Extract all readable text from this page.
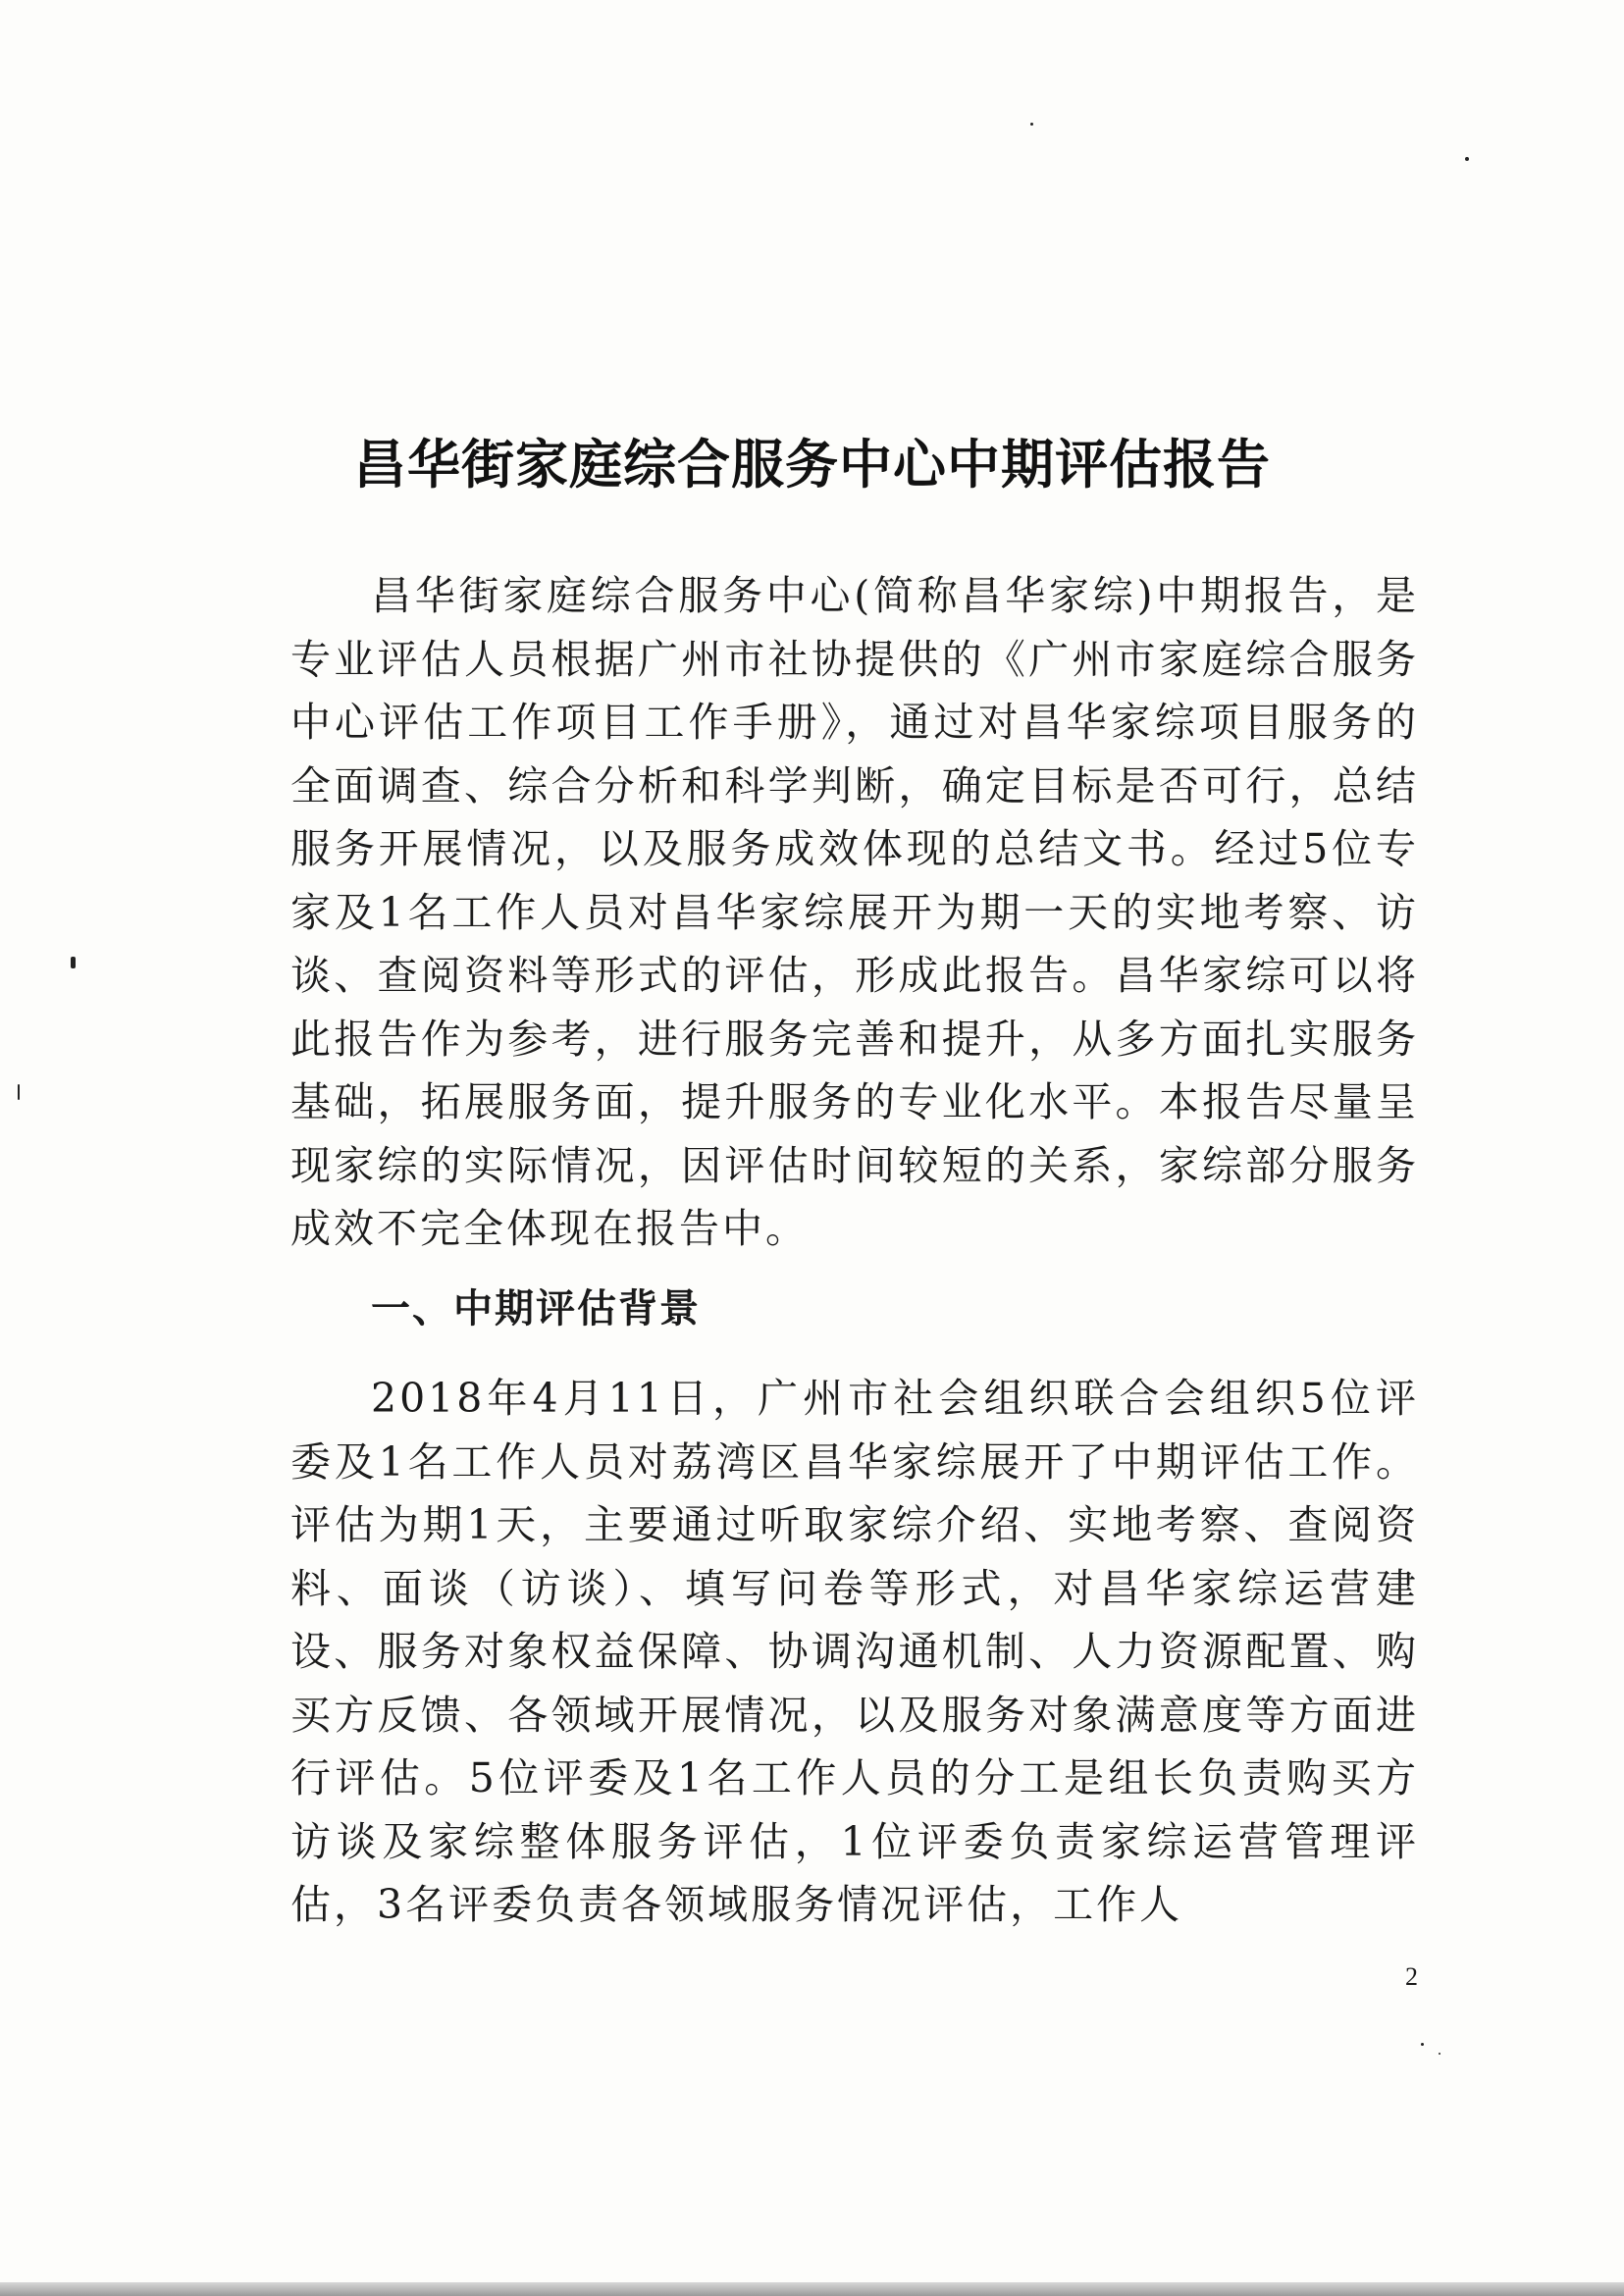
昌华街家庭综合服务中心中期评估报告

昌华街家庭综合服务中心(简称昌华家综)中期报告，是专业评估人员根据广州市社协提供的《广州市家庭综合服务中心评估工作项目工作手册》，通过对昌华家综项目服务的全面调查、综合分析和科学判断，确定目标是否可行，总结服务开展情况，以及服务成效体现的总结文书。经过5位专家及1名工作人员对昌华家综展开为期一天的实地考察、访谈、查阅资料等形式的评估，形成此报告。昌华家综可以将此报告作为参考，进行服务完善和提升，从多方面扎实服务基础，拓展服务面，提升服务的专业化水平。本报告尽量呈现家综的实际情况，因评估时间较短的关系，家综部分服务成效不完全体现在报告中。

一、中期评估背景

2018年4月11日，广州市社会组织联合会组织5位评委及1名工作人员对荔湾区昌华家综展开了中期评估工作。评估为期1天，主要通过听取家综介绍、实地考察、查阅资料、面谈（访谈）、填写问卷等形式，对昌华家综运营建设、服务对象权益保障、协调沟通机制、人力资源配置、购买方反馈、各领域开展情况，以及服务对象满意度等方面进行评估。5位评委及1名工作人员的分工是组长负责购买方访谈及家综整体服务评估，1位评委负责家综运营管理评估，3名评委负责各领域服务情况评估，工作人

2
